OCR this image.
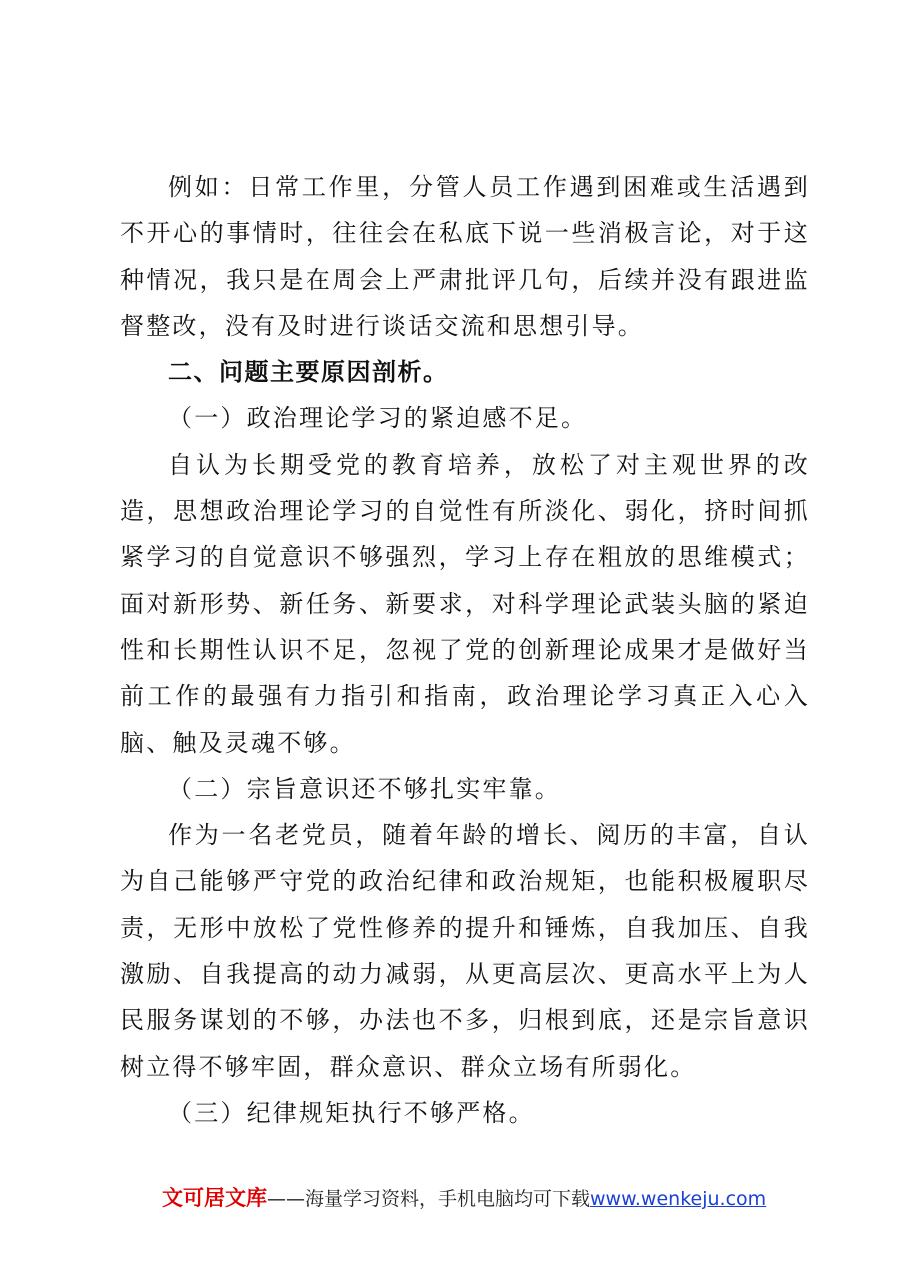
例如：日常工作里，分管人员工作遇到困难或生活遇到不开心的事情时，往往会在私底下说一些消极言论，对于这种情况，我只是在周会上严肃批评几句，后续并没有跟进监督整改，没有及时进行谈话交流和思想引导。

二、问题主要原因剖析。

（一）政治理论学习的紧迫感不足。

自认为长期受党的教育培养，放松了对主观世界的改造，思想政治理论学习的自觉性有所淡化、弱化，挤时间抓紧学习的自觉意识不够强烈，学习上存在粗放的思维模式；面对新形势、新任务、新要求，对科学理论武装头脑的紧迫性和长期性认识不足，忽视了党的创新理论成果才是做好当前工作的最强有力指引和指南，政治理论学习真正入心入脑、触及灵魂不够。

（二）宗旨意识还不够扎实牢靠。

作为一名老党员，随着年龄的增长、阅历的丰富，自认为自己能够严守党的政治纪律和政治规矩，也能积极履职尽责，无形中放松了党性修养的提升和锤炼，自我加压、自我激励、自我提高的动力减弱，从更高层次、更高水平上为人民服务谋划的不够，办法也不多，归根到底，还是宗旨意识树立得不够牢固，群众意识、群众立场有所弱化。

（三）纪律规矩执行不够严格。

文可居文库——海量学习资料，手机电脑均可下载www.wenkeju.com
